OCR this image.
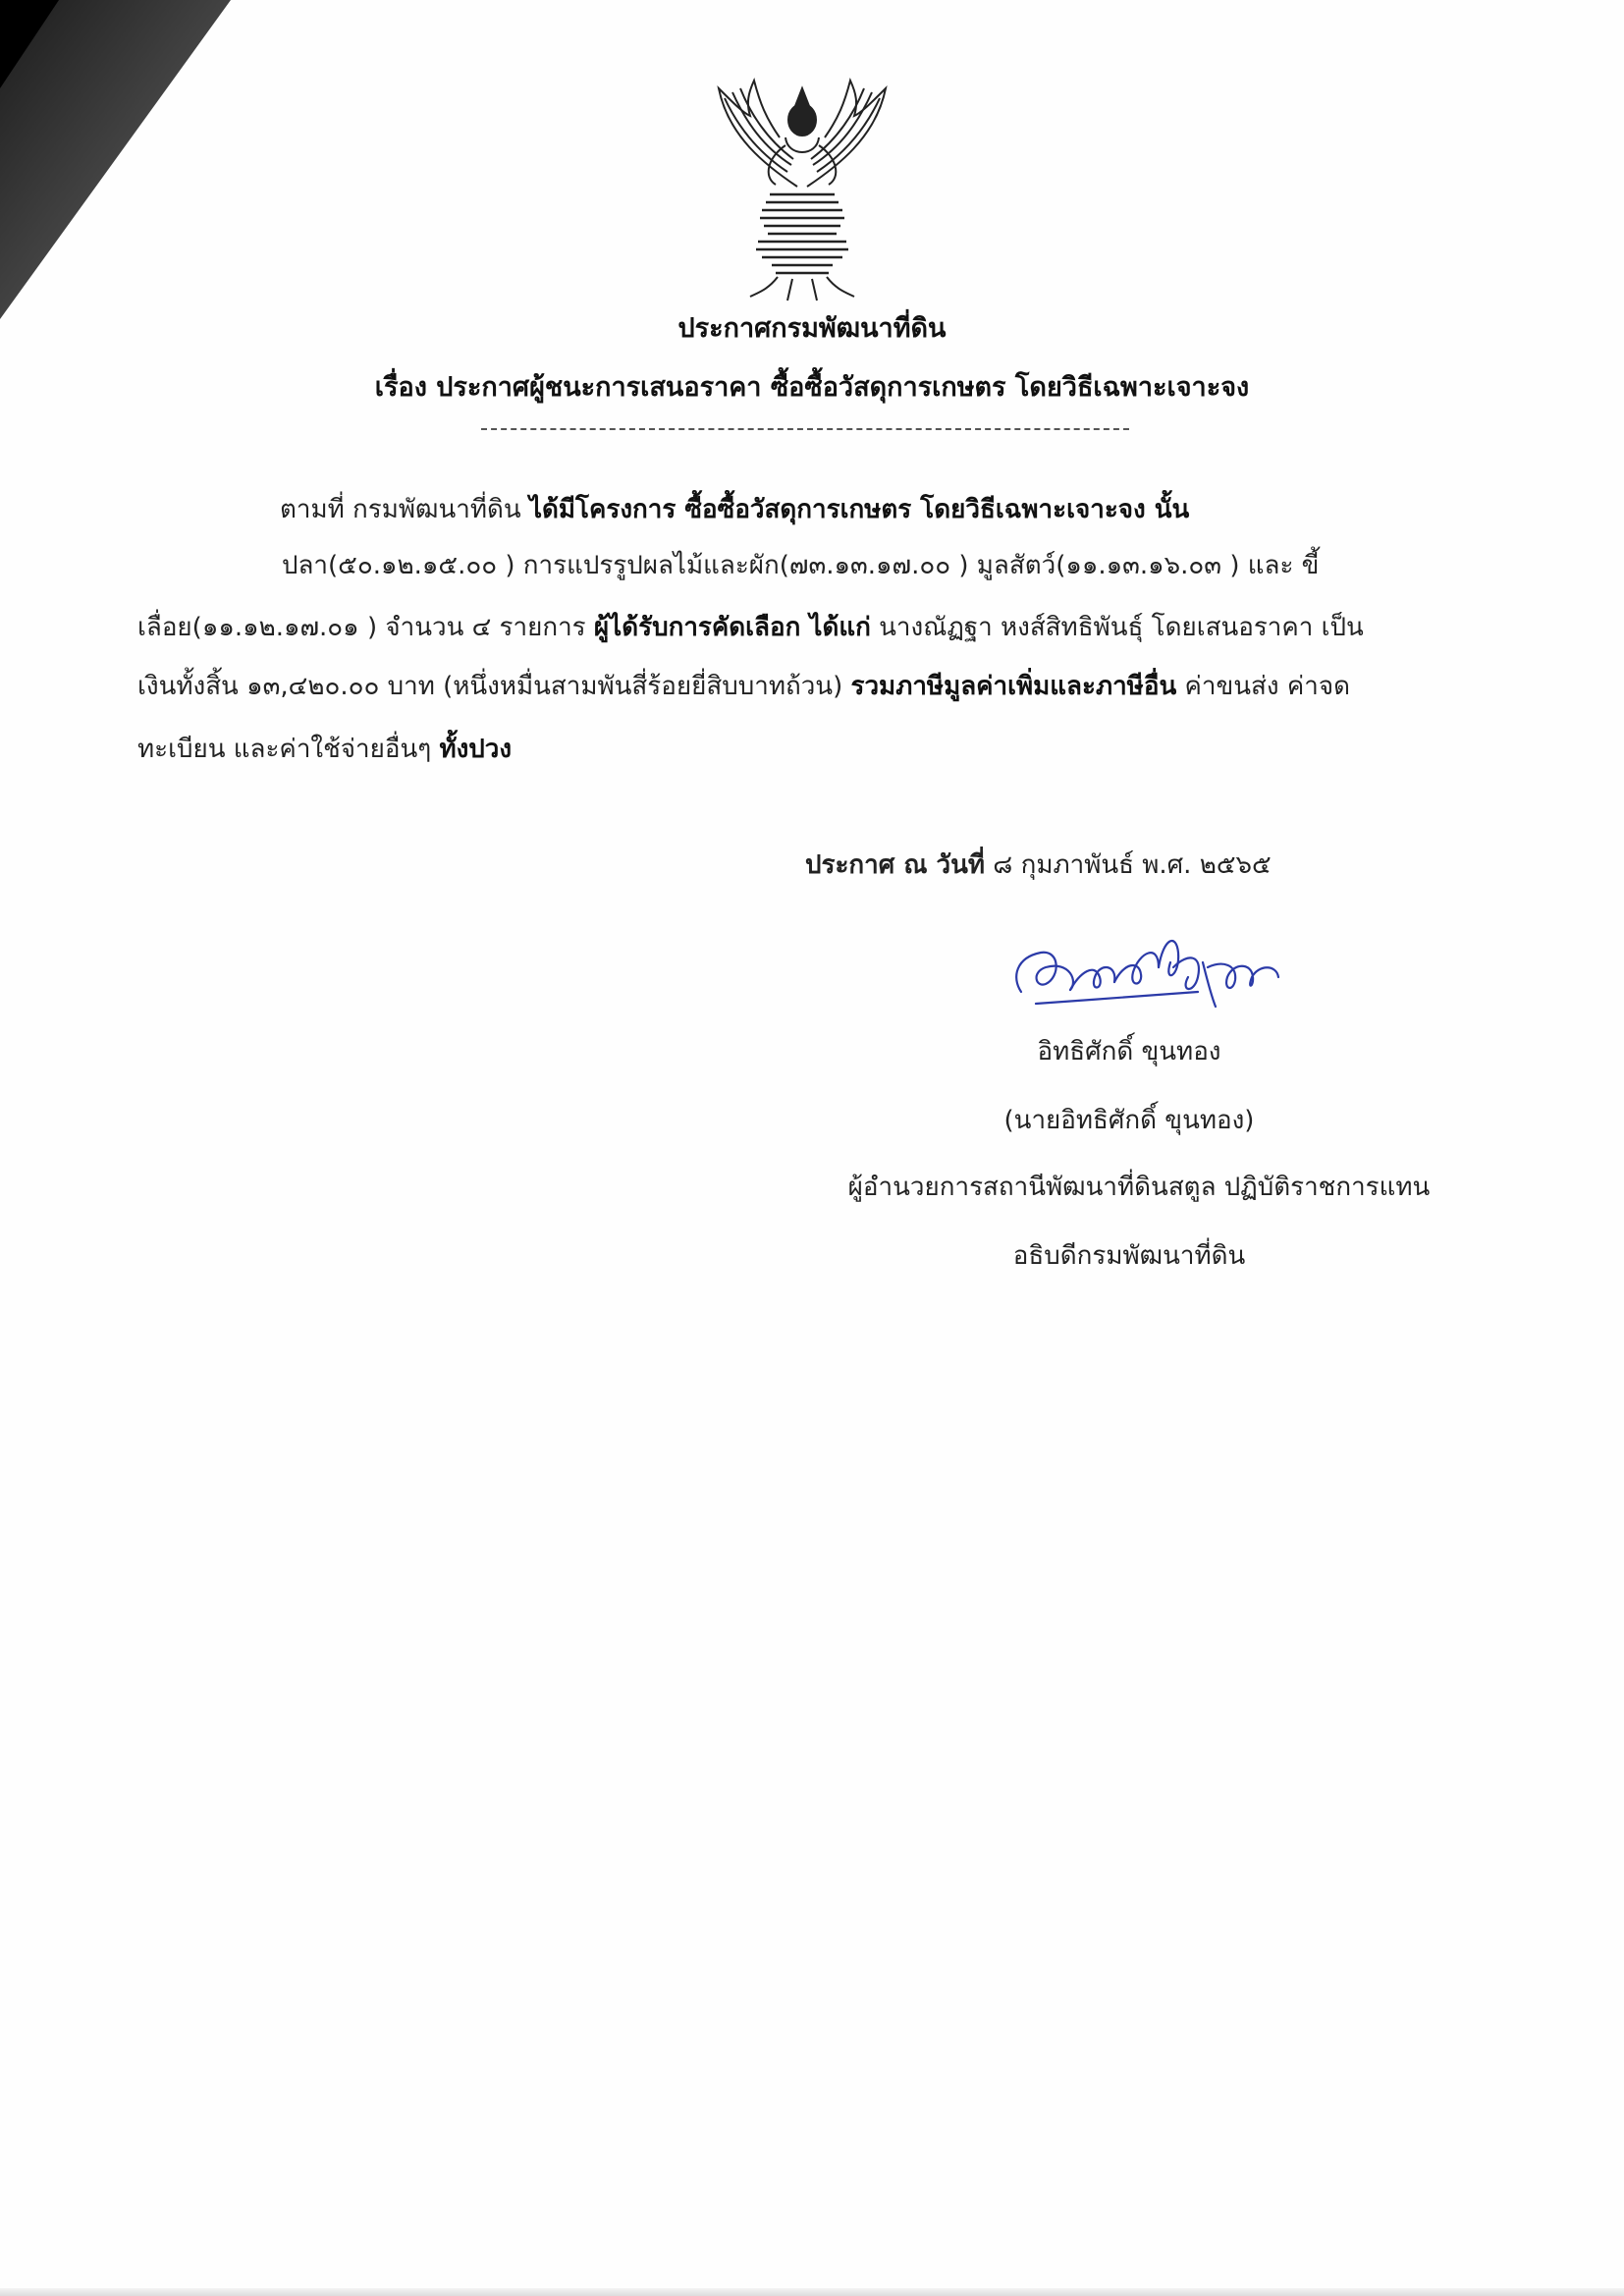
ประกาศกรมพัฒนาที่ดิน
เรื่อง ประกาศผู้ชนะการเสนอราคา ซื้อซื้อวัสดุการเกษตร โดยวิธีเฉพาะเจาะจง
ตามที่ กรมพัฒนาที่ดิน ได้มีโครงการ ซื้อซื้อวัสดุการเกษตร โดยวิธีเฉพาะเจาะจง นั้น
ปลา(๕๐.๑๒.๑๕.๐๐ ) การแปรรูปผลไม้และผัก(๗๓.๑๓.๑๗.๐๐ ) มูลสัตว์(๑๑.๑๓.๑๖.๐๓ ) และ ขี้
เลื่อย(๑๑.๑๒.๑๗.๐๑ ) จำนวน ๔ รายการ ผู้ได้รับการคัดเลือก ได้แก่ นางณัฏฐา หงส์สิทธิพันธุ์ โดยเสนอราคา เป็น
เงินทั้งสิ้น ๑๓,๔๒๐.๐๐ บาท (หนึ่งหมื่นสามพันสี่ร้อยยี่สิบบาทถ้วน) รวมภาษีมูลค่าเพิ่มและภาษีอื่น ค่าขนส่ง ค่าจด
ทะเบียน และค่าใช้จ่ายอื่นๆ ทั้งปวง
ประกาศ ณ วันที่ ๘ กุมภาพันธ์ พ.ศ. ๒๕๖๕
อิทธิศักดิ์ ขุนทอง
(นายอิทธิศักดิ์ ขุนทอง)
ผู้อำนวยการสถานีพัฒนาที่ดินสตูล ปฏิบัติราชการแทน
อธิบดีกรมพัฒนาที่ดิน
